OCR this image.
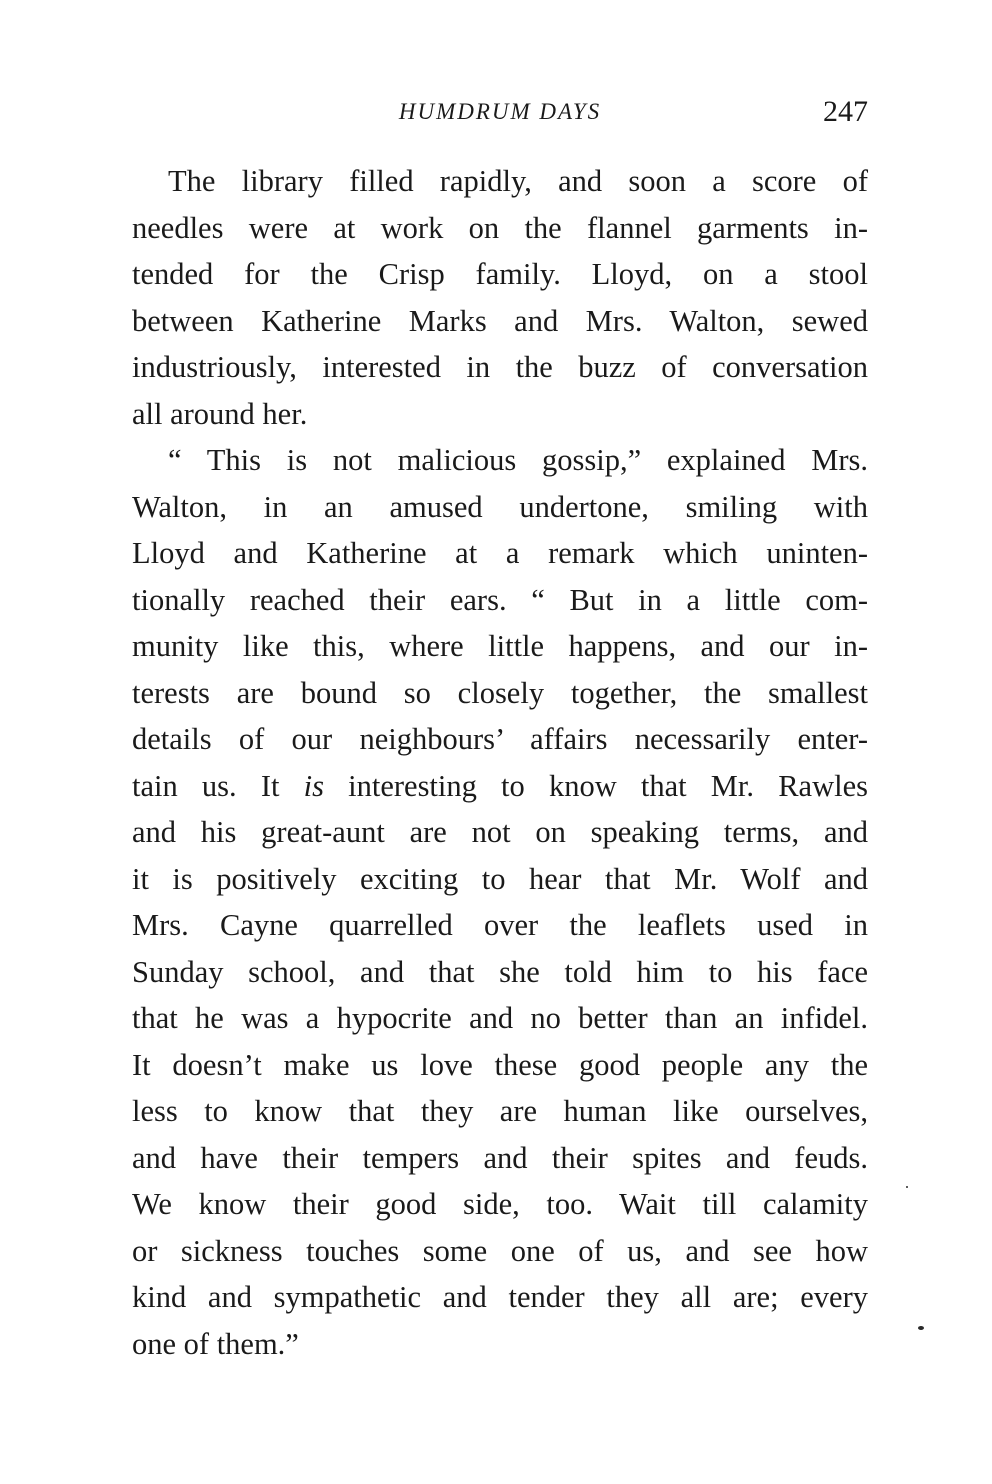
HUMDRUM DAYS	247
The library filled rapidly, and soon a score of
needles were at work on the flannel garments in-
tended for the Crisp family. Lloyd, on a stool
between Katherine Marks and Mrs. Walton, sewed
industriously, interested in the buzz of conversation
all around her.
“ This is not malicious gossip,” explained Mrs.
Walton, in an amused undertone, smiling with
Lloyd and Katherine at a remark which uninten-
tionally reached their ears. “ But in a little com-
munity like this, where little happens, and our in-
terests are bound so closely together, the smallest
details of our neighbours’ affairs necessarily enter-
tain us. It is interesting to know that Mr. Rawles
and his great-aunt are not on speaking terms, and
it is positively exciting to hear that Mr. Wolf and
Mrs. Cayne quarrelled over the leaflets used in
Sunday school, and that she told him to his face
that he was a hypocrite and no better than an infidel.
It doesn’t make us love these good people any the
less to know that they are human like ourselves,
and have their tempers and their spites and feuds.
We know their good side, too. Wait till calamity
or sickness touches some one of us, and see how
kind and sympathetic and tender they all are; every
one of them.”
